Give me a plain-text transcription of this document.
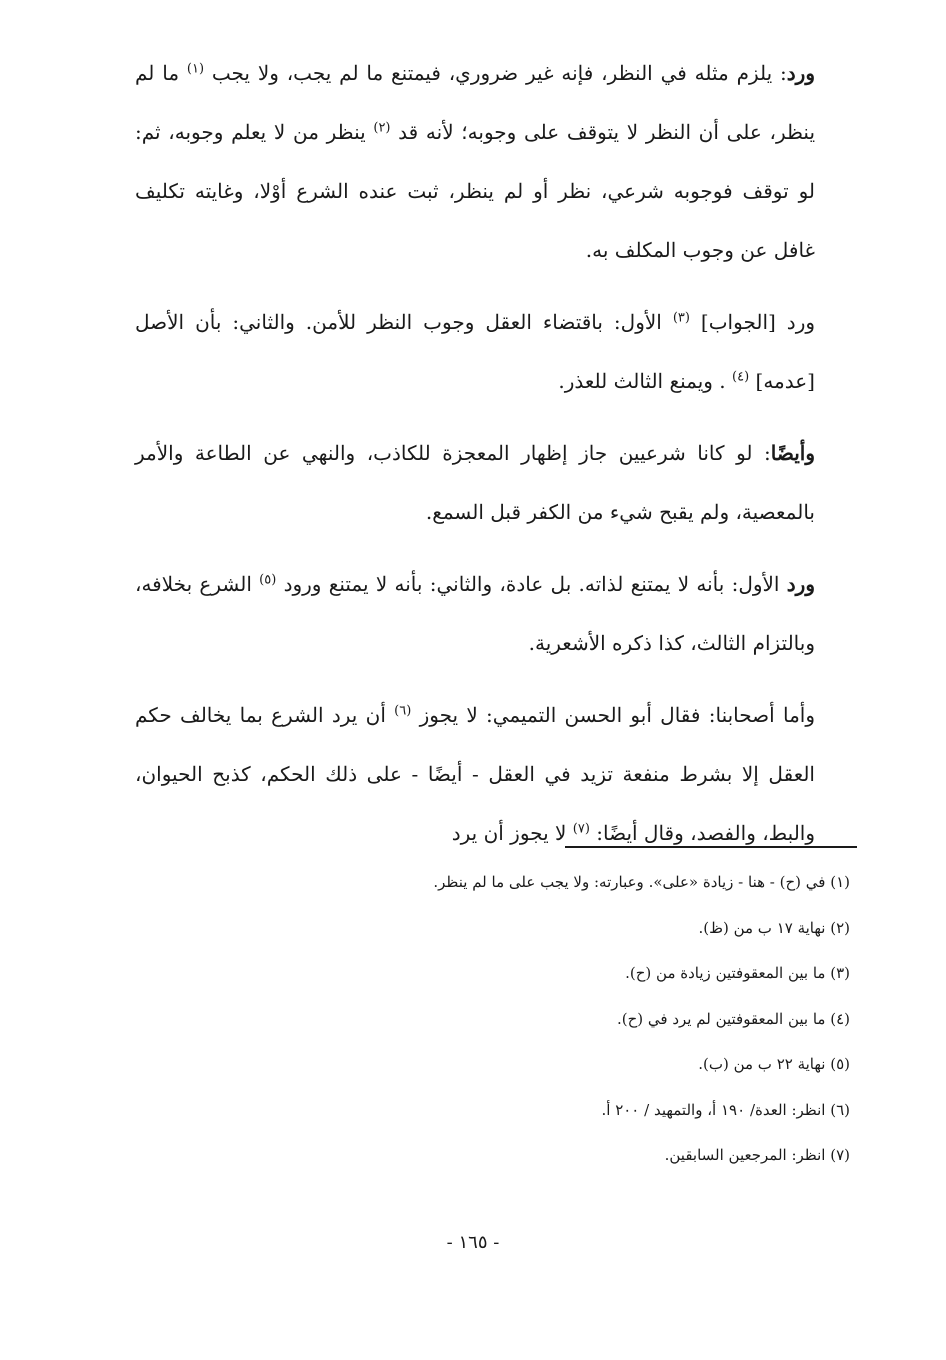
ورد: يلزم مثله في النظر، فإنه غير ضروري، فيمتنع ما لم يجب، ولا يجب $^{(١)}$ ما لم ينظر، على أن النظر لا يتوقف على وجوبه؛ لأنه قد $^{(٢)}$ ينظر من لا يعلم وجوبه، ثم: لو توقف فوجوبه شرعي، نظر أو لم ينظر، ثبت عنده الشرع أوْلا، وغايته تكليف غافل عن وجوب المكلف به.

ورد [الجواب] $^{(٣)}$ الأول: باقتضاء العقل وجوب النظر للأمن. والثاني: بأن الأصل [عدمه] $^{(٤)}$ . ويمنع الثالث للعذر.

وأيضًا: لو كانا شرعيين جاز إظهار المعجزة للكاذب، والنهي عن الطاعة والأمر بالمعصية، ولم يقبح شيء من الكفر قبل السمع.

ورد الأول: بأنه لا يمتنع لذاته. بل عادة، والثاني: بأنه لا يمتنع ورود $^{(٥)}$ الشرع بخلافه، وبالتزام الثالث، كذا ذكره الأشعرية.

وأما أصحابنا: فقال أبو الحسن التميمي: لا يجوز $^{(٦)}$ أن يرد الشرع بما يخالف حكم العقل إلا بشرط منفعة تزيد في العقل - أيضًا - على ذلك الحكم، كذبح الحيوان، والبط، والفصد، وقال أيضًا: $^{(٧)}$ لا يجوز أن يرد

(١) في (ح) - هنا - زيادة «على». وعبارته: ولا يجب على ما لم ينظر.
(٢) نهاية ١٧ ب من (ظ).
(٣) ما بين المعقوفتين زيادة من (ح).
(٤) ما بين المعقوفتين لم يرد في (ح).
(٥) نهاية ٢٢ ب من (ب).
(٦) انظر: العدة/ ١٩٠ أ، والتمهيد / ٢٠٠ أ.
(٧) انظر: المرجعين السابقين.
- ١٦٥ -
